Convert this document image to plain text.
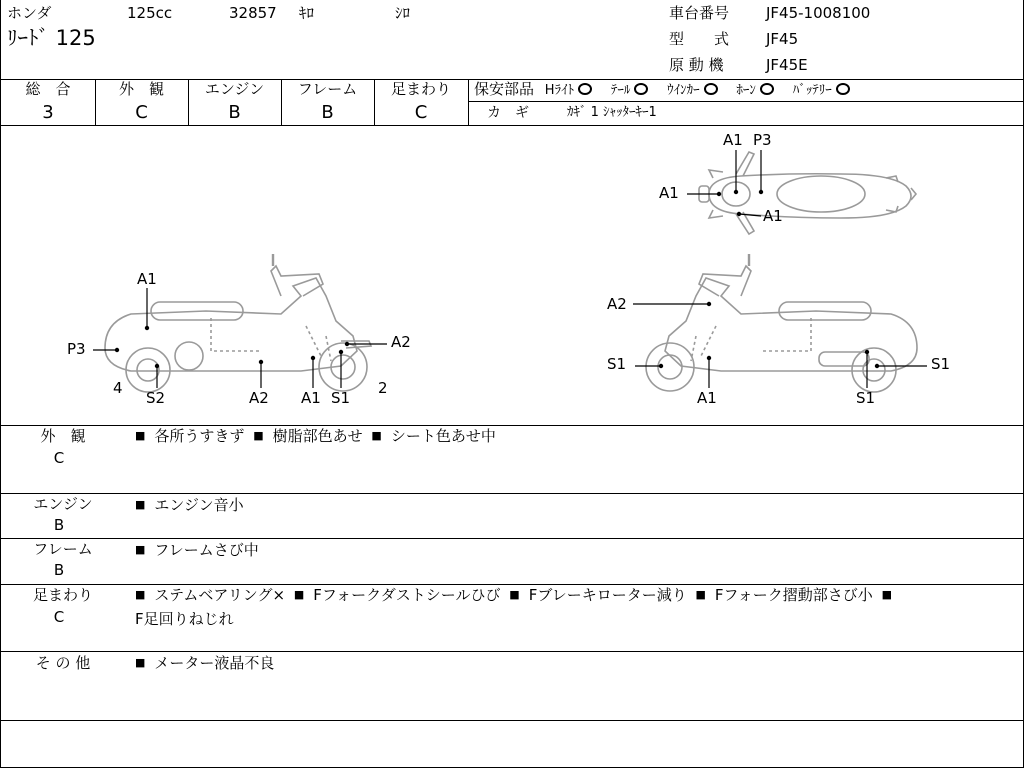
ホンダ	125cc	32857 ｷﾛ	ｼﾛ
ﾘｰﾄﾞ 125
車台番号 JF45-1008100
型　　式 JF45
原 動 機	JF45E
総　合
3
外　観
C
エンジン
B
フレーム
B
足まわり
C
保安部品 Hﾗｲﾄ	ﾃｰﾙ	ｳｲﾝｶｰ	ﾎｰﾝ	ﾊﾞｯﾃﾘｰ
カ　ギ	ｶｷﾞ 1 ｼｬｯﾀｰｷｰ1
A1 P3
A1
A1
A1
P3	A2
4
S2	A2 A1 S1
2
A2
S1
A1
S1
S1
外　観
C
■ 各所うすきず ■ 樹脂部色あせ ■ シート色あせ中
エンジン
B
■ エンジン音小
フレーム
B
■ フレームさび中
足まわり
C
■ ステムベアリング× ■ Fフォークダストシールひび ■ Fブレーキローター減り ■ Fフォーク摺動部さび小 ■
F足回りねじれ
そ の 他	■ メーター液晶不良
